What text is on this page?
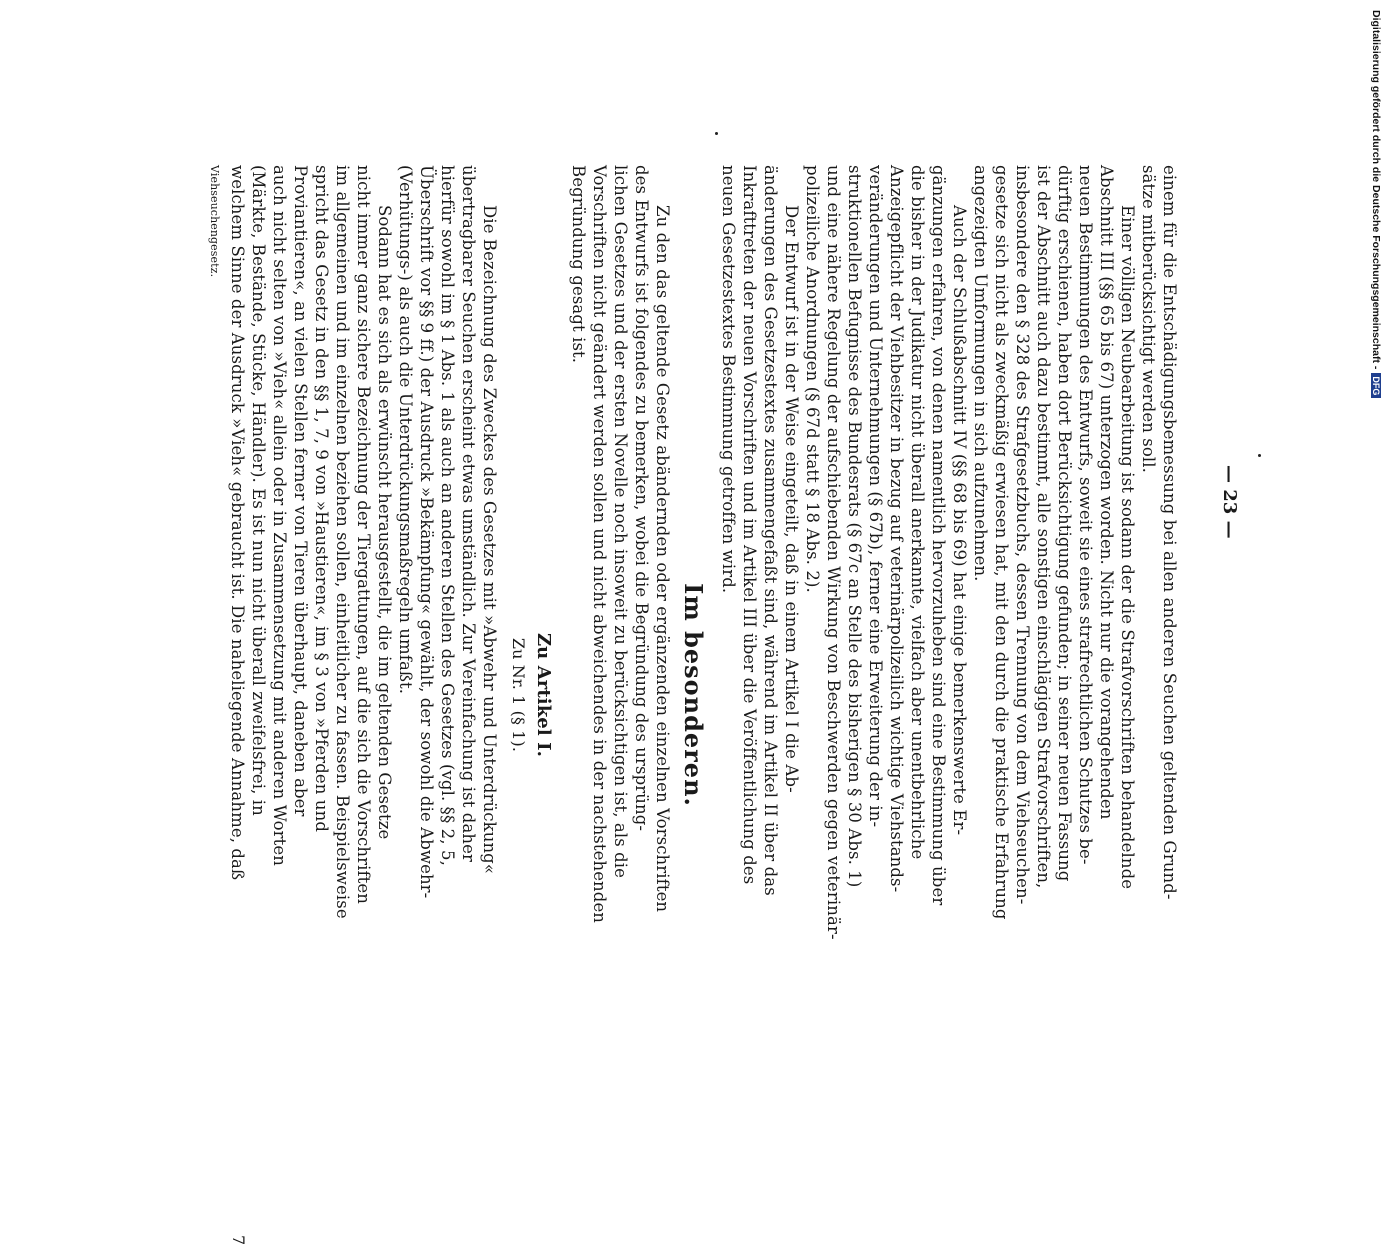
— 23 —
einem für die Entschädigungsbemessung bei allen anderen Seuchen geltenden Grund-
sätze mitberücksichtigt werden soll.
Einer völligen Neubearbeitung ist sodann der die Strafvorschriften behandelnde
Abschnitt III (§§ 65 bis 67) unterzogen worden. Nicht nur die vorangehenden
neuen Bestimmungen des Entwurfs, soweit sie eines strafrechtlichen Schutzes be-
dürftig erschienen, haben dort Berücksichtigung gefunden; in seiner neuen Fassung
ist der Abschnitt auch dazu bestimmt, alle sonstigen einschlägigen Strafvorschriften,
insbesondere den § 328 des Strafgesetzbuchs, dessen Trennung von dem Viehseuchen-
gesetze sich nicht als zweckmäßig erwiesen hat, mit den durch die praktische Erfahrung
angezeigten Umformungen in sich aufzunehmen.
Auch der Schlußabschnitt IV (§§ 68 bis 69) hat einige bemerkenswerte Er-
gänzungen erfahren, von denen namentlich hervorzuheben sind eine Bestimmung über
die bisher in der Judikatur nicht überall anerkannte, vielfach aber unentbehrliche
Anzeigepflicht der Viehbesitzer in bezug auf veterinärpolizeilich wichtige Viehstands-
veränderungen und Unternehmungen (§ 67b), ferner eine Erweiterung der in-
struktionellen Befugnisse des Bundesrats (§ 67c an Stelle des bisherigen § 30 Abs. 1)
und eine nähere Regelung der aufschiebenden Wirkung von Beschwerden gegen veterinär-
polizeiliche Anordnungen (§ 67d statt § 18 Abs. 2).
Der Entwurf ist in der Weise eingeteilt, daß in einem Artikel I die Ab-
änderungen des Gesetzestextes zusammengefaßt sind, während im Artikel II über das
Inkrafttreten der neuen Vorschriften und im Artikel III über die Veröffentlichung des
neuen Gesetzestextes Bestimmung getroffen wird.
Im besonderen.
Zu den das geltende Gesetz abändernden oder ergänzenden einzelnen Vorschriften
des Entwurfs ist folgendes zu bemerken, wobei die Begründung des ursprüng-
lichen Gesetzes und der ersten Novelle noch insoweit zu berücksichtigen ist, als die
Vorschriften nicht geändert werden sollen und nicht abweichendes in der nachstehenden
Begründung gesagt ist.
Zu Artikel I.
Zu Nr. 1 (§ 1).
Die Bezeichnung des Zweckes des Gesetzes mit »Abwehr und Unterdrückung«
übertragbarer Seuchen erscheint etwas umständlich. Zur Vereinfachung ist daher
hierfür sowohl im § 1 Abs. 1 als auch an anderen Stellen des Gesetzes (vgl. §§ 2, 5,
Überschrift vor §§ 9 ff.) der Ausdruck »Bekämpfung« gewählt, der sowohl die Abwehr-
(Verhütungs-) als auch die Unterdrückungsmaßregeln umfaßt.
Sodann hat es sich als erwünscht herausgestellt, die im geltenden Gesetze
nicht immer ganz sichere Bezeichnung der Tiergattungen, auf die sich die Vorschriften
im allgemeinen und im einzelnen beziehen sollen, einheitlicher zu fassen. Beispielsweise
spricht das Gesetz in den §§ 1, 7, 9 von »Haustieren«, im § 3 von »Pferden und
Proviantieren«, an vielen Stellen ferner von Tieren überhaupt, daneben aber
auch nicht selten von »Vieh« allein oder in Zusammensetzung mit anderen Worten
(Märkte, Bestände, Stücke, Händler). Es ist nun nicht überall zweifelsfrei, in
welchem Sinne der Ausdruck »Vieh« gebraucht ist. Die naheliegende Annahme, daß
Viehseuchengesetz.
7
Digitalisierung gefördert durch die Deutsche Forschungsgemeinschaft -DFG
